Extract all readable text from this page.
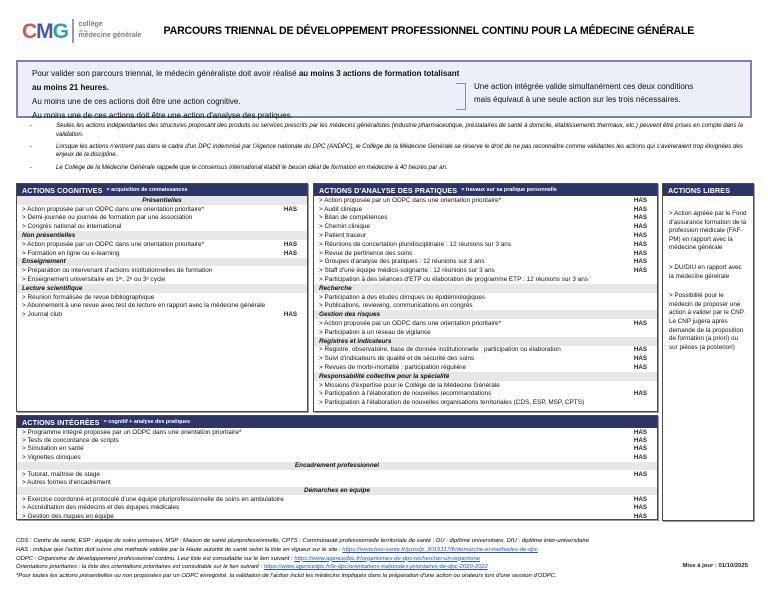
CMG collège
de la
médecine générale PARCOURS TRIENNAL DE DÉVELOPPEMENT PROFESSIONNEL CONTINU POUR LA MÉDECINE GÉNÉRALE
Pour valider son parcours triennal, le médecin généraliste doit avoir réalisé au moins 3 actions de formation totalisant au moins 21 heures.
Au moins une de ces actions doit être une action cognitive.
Au moins une de ces actions doit être une action d'analyse des pratiques.
Une action intégrée valide simultanément ces deux conditions
mais équivaut à une seule action sur les trois nécessaires.
-	Seules les actions indépendantes des structures proposant des produits ou services prescrits par les médecins généralistes (industrie pharmaceutique, prestataires de santé à domicile, établissements thermaux, etc.) peuvent être prises en compte dans la validation.
-	Lorsque les actions n'entrent pas dans le cadre d'un DPC indemnisé par l'Agence nationale du DPC (ANDPC), le Collège de la Médecine Générale se réserve le droit de ne pas reconnaître comme validantes les actions qui s'avéreraient trop éloignées des enjeux de la discipline.
-	Le Collège de la Médecine Générale rappelle que le consensus international établit le besoin idéal de formation en médecine à 40 heures par an.
ACTIONS COGNITIVES = acquisition de connaissances
Présentielles
> Action proposée par un ODPC dans une orientation prioritaire*	HAS
> Demi-journée ou journée de formation par une association
> Congrès national ou international
Non présentielles
> Action proposée par un ODPC dans une orientation prioritaire*	HAS
> Formation en ligne ou e-learning	HAS
Enseignement
> Préparation ou intervenant d'actions institutionnelles de formation
> Enseignement universitaire en 1ᵉʳ, 2ᵉ ou 3ᵉ cycle
Lecture scientifique
> Réunion formalisée de revue bibliographique
> Abonnement à une revue avec test de lecture en rapport avec la médecine générale
> Journal club	HAS
ACTIONS D'ANALYSE DES PRATIQUES = travaux sur sa pratique personnelle
> Action proposée par un ODPC dans une orientation prioritaire*	HAS
> Audit clinique	HAS
> Bilan de compétences	HAS
> Chemin clinique	HAS
> Patient traceur	HAS
> Réunions de concertation pluridisciplinaire : 12 réunions sur 3 ans	HAS
> Revue de pertinence des soins	HAS
> Groupes d'analyse des pratiques : 12 réunions sur 3 ans	HAS
> Staff d'une équipe médico-soignante : 12 réunions sur 3 ans	HAS
> Participation à des séances d'ETP ou élaboration de programme ETP : 12 réunions sur 3 ans
Recherche
> Participation à des études cliniques ou épidémiologiques
> Publications, reviewing, communications en congrès
Gestion des risques
> Action proposée par un ODPC dans une orientation prioritaire*	HAS
> Participation à un réseau de vigilance
Registres et indicateurs
> Registre, observatoire, base de donnée institutionnelle : participation ou élaboration	HAS
> Suivi d'indicateurs de qualité et de sécurité des soins	HAS
> Revues de morbi-mortalité : participation régulière	HAS
Responsabilité collective pour la spécialité
> Missions d'expertise pour le Collège de la Médecine Générale
> Participation à l'élaboration de nouvelles recommandations	HAS
> Participation à l'élaboration de nouvelles organisations territoriales (CDS, ESP, MSP, CPTS)
ACTIONS LIBRES
> Action agréée par le Fond d'assurance formation de la profession médicale (FAF-PM) en rapport avec la médecine générale
> DU/DIU en rapport avec la médecine générale
> Possibilité pour le médecin de proposer une action à valider par le CNP. Le CNP jugera après demande de la proposition de formation (a priori) ou sur pièces (a posteriori)
ACTIONS INTÉGRÉES = cognitif + analyse des pratiques
> Programme intégré proposée par un ODPC dans une orientation prioritaire*	HAS
> Tests de concordance de scripts	HAS
> Simulation en santé	HAS
> Vignettes cliniques	HAS
Encadrement professionnel
> Tutorat, maîtrise de stage	HAS
> Autres formes d'encadrement
Démarches en équipe
> Exercice coordonné et protocolé d'une équipe pluriprofessionnelle de soins en ambulatoire	HAS
> Accréditation des médecins et des équipes médicales	HAS
> Gestion des risques en équipe	HAS
CDS : Centre de santé, ESP : équipe de soins primaires, MSP : Maison de santé pluriprofessionnelle, CPTS : Communauté professionnelle territoriale de santé ; DU : diplôme universitaire, DIU : diplôme inter-universitaire
HAS : indique que l'action doit suivre une méthode validée par la Haute autorité de santé selon la liste en vigueur sur le site : https://www.has-sante.fr/jcms/p_3019317/fr/demarche-et-methodes-de-dpc
ODPC : Organisme de développement professionnel continu. Leur liste est consultable sur le lien suivant : https://www.agencedpc.fr/organismes-de-dpc-rechercher-un-organisme
Orientations prioritaires : la liste des orientations prioritaires est consultable sur le lien suivant : https://www.agencedpc.fr/le-dpc/orientations-nationales-prioritaires-de-dpc-2020-2022
*Pour toutes les actions présentielles ou non proposées par un ODPC enregistré, la validation de l'action inclut les médecins impliqués dans la préparation d'une action ou orateurs lors d'une session d'ODPC.
Mise à jour : 01/10/2025
